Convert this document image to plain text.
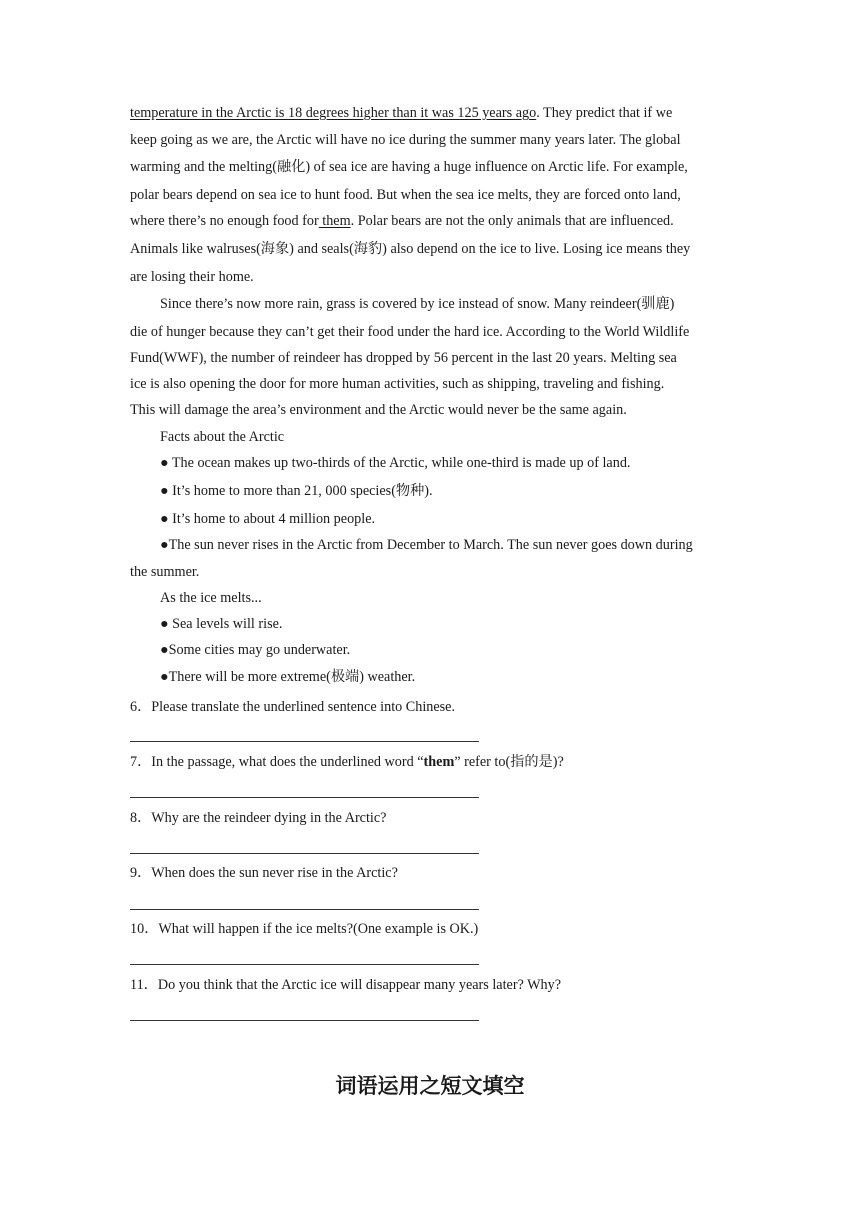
temperature in the Arctic is 18 degrees higher than it was 125 years ago. They predict that if we
keep going as we are, the Arctic will have no ice during the summer many years later. The global
warming and the melting(融化) of sea ice are having a huge influence on Arctic life. For example,
polar bears depend on sea ice to hunt food. But when the sea ice melts, they are forced onto land,
where there’s no enough food for them. Polar bears are not the only animals that are influenced.
Animals like walruses(海象) and seals(海豹) also depend on the ice to live. Losing ice means they
are losing their home.
Since there’s now more rain, grass is covered by ice instead of snow. Many reindeer(驯鹿)
die of hunger because they can’t get their food under the hard ice. According to the World Wildlife
Fund(WWF), the number of reindeer has dropped by 56 percent in the last 20 years. Melting sea
ice is also opening the door for more human activities, such as shipping, traveling and fishing.
This will damage the area’s environment and the Arctic would never be the same again.
Facts about the Arctic
● The ocean makes up two-thirds of the Arctic, while one-third is made up of land.
● It’s home to more than 21, 000 species(物种).
● It’s home to about 4 million people.
●The sun never rises in the Arctic from December to March. The sun never goes down during
the summer.
As the ice melts...
● Sea levels will rise.
●Some cities may go underwater.
●There will be more extreme(极端) weather.
6．Please translate the underlined sentence into Chinese.
7．In the passage, what does the underlined word “them” refer to(指的是)?
8．Why are the reindeer dying in the Arctic?
9．When does the sun never rise in the Arctic?
10．What will happen if the ice melts?(One example is OK.)
11．Do you think that the Arctic ice will disappear many years later? Why?
词语运用之短文填空
